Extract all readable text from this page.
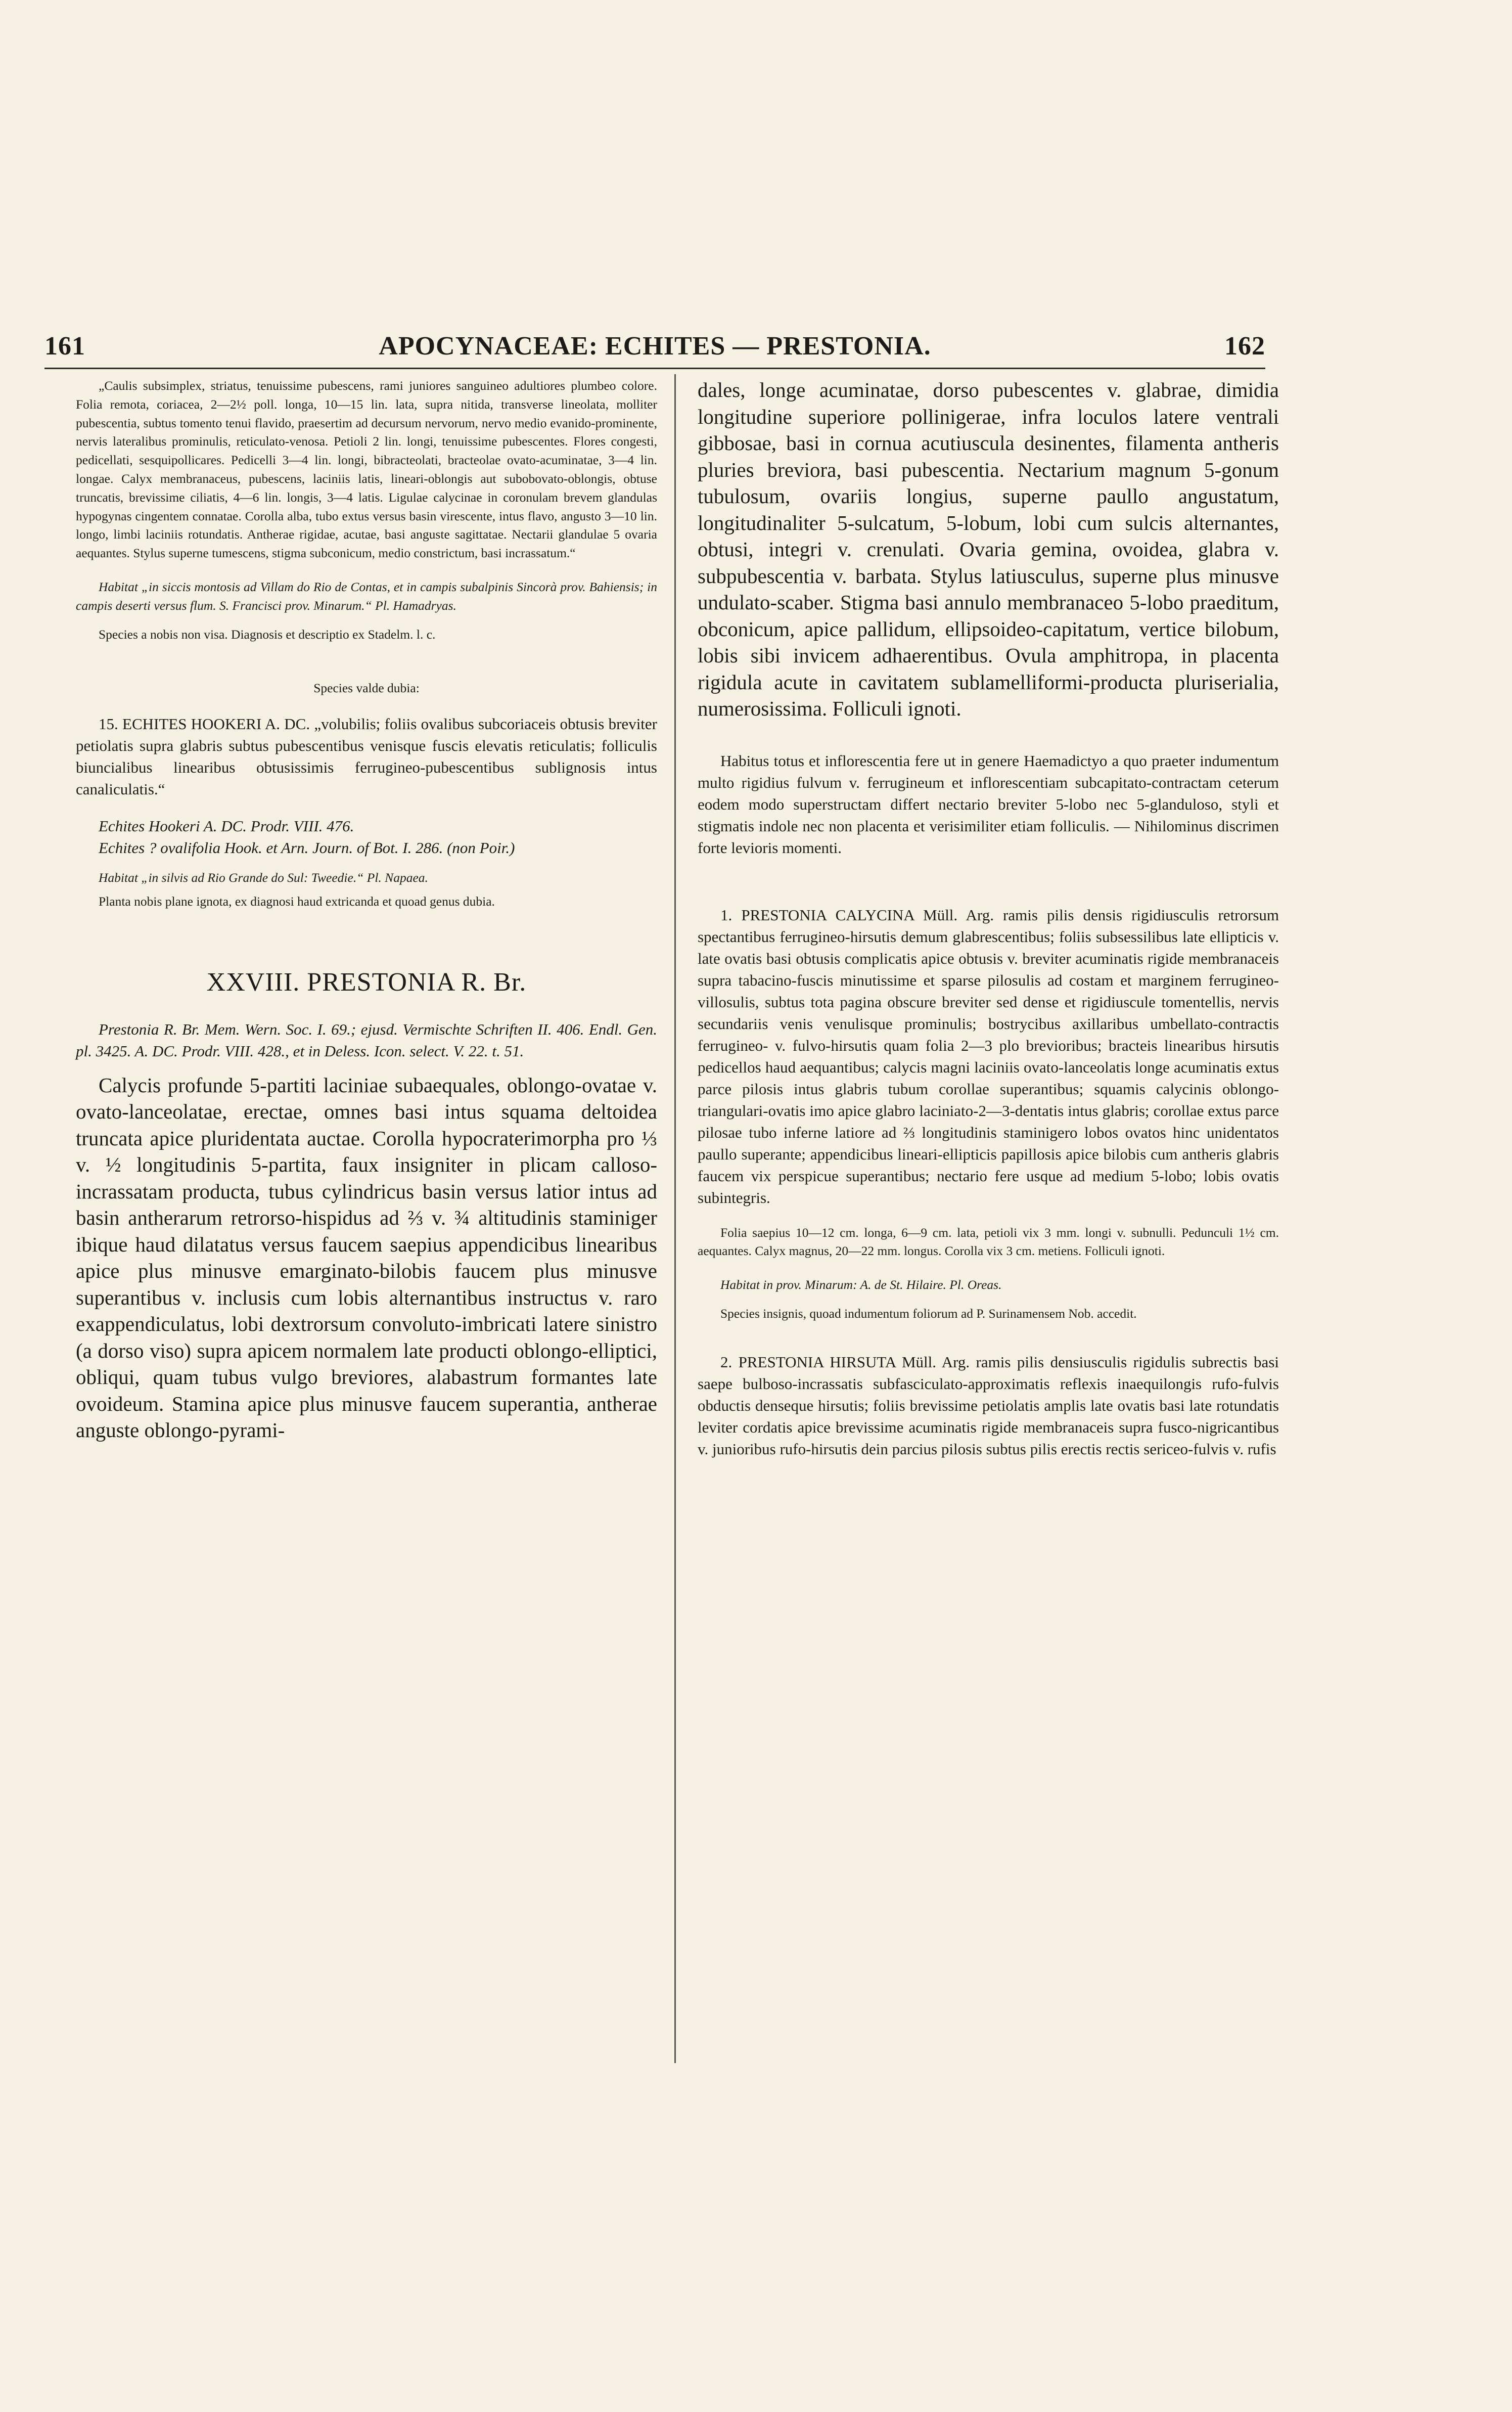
161	APOCYNACEAE: ECHITES — PRESTONIA.	162

„Caulis subsimplex, striatus, tenuissime pubescens, rami juniores sanguineo adultiores plumbeo colore. Folia remota, coriacea, 2—2½ poll. longa, 10—15 lin. lata, supra nitida, transverse lineolata, molliter pubescentia, subtus tomento tenui flavido, praesertim ad decursum nervorum, nervo medio evanido-prominente, nervis lateralibus prominulis, reticulato-venosa. Petioli 2 lin. longi, tenuissime pubescentes. Flores congesti, pedicellati, sesquipollicares. Pedicelli 3—4 lin. longi, bibracteolati, bracteolae ovato-acuminatae, 3—4 lin. longae. Calyx membranaceus, pubescens, laciniis latis, lineari-oblongis aut subobovato-oblongis, obtuse truncatis, brevissime ciliatis, 4—6 lin. longis, 3—4 latis. Ligulae calycinae in coronulam brevem glandulas hypogynas cingentem connatae. Corolla alba, tubo extus versus basin virescente, intus flavo, angusto 3—10 lin. longo, limbi laciniis rotundatis. Antherae rigidae, acutae, basi anguste sagittatae. Nectarii glandulae 5 ovaria aequantes. Stylus superne tumescens, stigma subconicum, medio constrictum, basi incrassatum.“

Habitat „in siccis montosis ad Villam do Rio de Contas, et in campis subalpinis Sincorà prov. Bahiensis; in campis deserti versus flum. S. Francisci prov. Minarum.“ Pl. Hamadryas.

Species a nobis non visa. Diagnosis et descriptio ex Stadelm. l. c.

Species valde dubia:

15. ECHITES HOOKERI A. DC. „volubilis; foliis ovalibus subcoriaceis obtusis breviter petiolatis supra glabris subtus pubescentibus venisque fuscis elevatis reticulatis; folliculis biuncialibus linearibus obtusissimis ferrugineo-pubescentibus sublignosis intus canaliculatis.“

Echites Hookeri A. DC. Prodr. VIII. 476.

Echites ? ovalifolia Hook. et Arn. Journ. of Bot. I. 286. (non Poir.)

Habitat „in silvis ad Rio Grande do Sul: Tweedie.“ Pl. Napaea.

Planta nobis plane ignota, ex diagnosi haud extricanda et quoad genus dubia.

XXVIII. PRESTONIA R. Br.

Prestonia R. Br. Mem. Wern. Soc. I. 69.; ejusd. Vermischte Schriften II. 406. Endl. Gen. pl. 3425. A. DC. Prodr. VIII. 428., et in Deless. Icon. select. V. 22. t. 51.

Calycis profunde 5-partiti laciniae subaequales, oblongo-ovatae v. ovato-lanceolatae, erectae, omnes basi intus squama deltoidea truncata apice pluridentata auctae. Corolla hypocraterimorpha pro ⅓ v. ½ longitudinis 5-partita, faux insigniter in plicam calloso-incrassatam producta, tubus cylindricus basin versus latior intus ad basin antherarum retrorso-hispidus ad ⅔ v. ¾ altitudinis staminiger ibique haud dilatatus versus faucem saepius appendicibus linearibus apice plus minusve emarginato-bilobis faucem plus minusve superantibus v. inclusis cum lobis alternantibus instructus v. raro exappendiculatus, lobi dextrorsum convoluto-imbricati latere sinistro (a dorso viso) supra apicem normalem late producti oblongo-elliptici, obliqui, quam tubus vulgo breviores, alabastrum formantes late ovoideum. Stamina apice plus minusve faucem superantia, antherae anguste oblongo-pyrami-

dales, longe acuminatae, dorso pubescentes v. glabrae, dimidia longitudine superiore pollinigerae, infra loculos latere ventrali gibbosae, basi in cornua acutiuscula desinentes, filamenta antheris pluries breviora, basi pubescentia. Nectarium magnum 5-gonum tubulosum, ovariis longius, superne paullo angustatum, longitudinaliter 5-sulcatum, 5-lobum, lobi cum sulcis alternantes, obtusi, integri v. crenulati. Ovaria gemina, ovoidea, glabra v. subpubescentia v. barbata. Stylus latiusculus, superne plus minusve undulato-scaber. Stigma basi annulo membranaceo 5-lobo praeditum, obconicum, apice pallidum, ellipsoideo-capitatum, vertice bilobum, lobis sibi invicem adhaerentibus. Ovula amphitropa, in placenta rigidula acute in cavitatem sublamelliformi-producta pluriserialia, numerosissima. Folliculi ignoti.

Habitus totus et inflorescentia fere ut in genere Haemadictyo a quo praeter indumentum multo rigidius fulvum v. ferrugineum et inflorescentiam subcapitato-contractam ceterum eodem modo superstructam differt nectario breviter 5-lobo nec 5-glanduloso, styli et stigmatis indole nec non placenta et verisimiliter etiam folliculis. — Nihilominus discrimen forte levioris momenti.

1. PRESTONIA CALYCINA Müll. Arg. ramis pilis densis rigidiusculis retrorsum spectantibus ferrugineo-hirsutis demum glabrescentibus; foliis subsessilibus late ellipticis v. late ovatis basi obtusis complicatis apice obtusis v. breviter acuminatis rigide membranaceis supra tabacino-fuscis minutissime et sparse pilosulis ad costam et marginem ferrugineo-villosulis, subtus tota pagina obscure breviter sed dense et rigidiuscule tomentellis, nervis secundariis venis venulisque prominulis; bostrycibus axillaribus umbellato-contractis ferrugineo- v. fulvo-hirsutis quam folia 2—3 plo brevioribus; bracteis linearibus hirsutis pedicellos haud aequantibus; calycis magni laciniis ovato-lanceolatis longe acuminatis extus parce pilosis intus glabris tubum corollae superantibus; squamis calycinis oblongo-triangulari-ovatis imo apice glabro laciniato-2—3-dentatis intus glabris; corollae extus parce pilosae tubo inferne latiore ad ⅔ longitudinis staminigero lobos ovatos hinc unidentatos paullo superante; appendicibus lineari-ellipticis papillosis apice bilobis cum antheris glabris faucem vix perspicue superantibus; nectario fere usque ad medium 5-lobo; lobis ovatis subintegris.

Folia saepius 10—12 cm. longa, 6—9 cm. lata, petioli vix 3 mm. longi v. subnulli. Pedunculi 1½ cm. aequantes. Calyx magnus, 20—22 mm. longus. Corolla vix 3 cm. metiens. Folliculi ignoti.

Habitat in prov. Minarum: A. de St. Hilaire. Pl. Oreas.

Species insignis, quoad indumentum foliorum ad P. Surinamensem Nob. accedit.

2. PRESTONIA HIRSUTA Müll. Arg. ramis pilis densiusculis rigidulis subrectis basi saepe bulboso-incrassatis subfasciculato-approximatis reflexis inaequilongis rufo-fulvis obductis denseque hirsutis; foliis brevissime petiolatis amplis late ovatis basi late rotundatis leviter cordatis apice brevissime acuminatis rigide membranaceis supra fusco-nigricantibus v. junioribus rufo-hirsutis dein parcius pilosis subtus pilis erectis rectis sericeo-fulvis v. rufis
